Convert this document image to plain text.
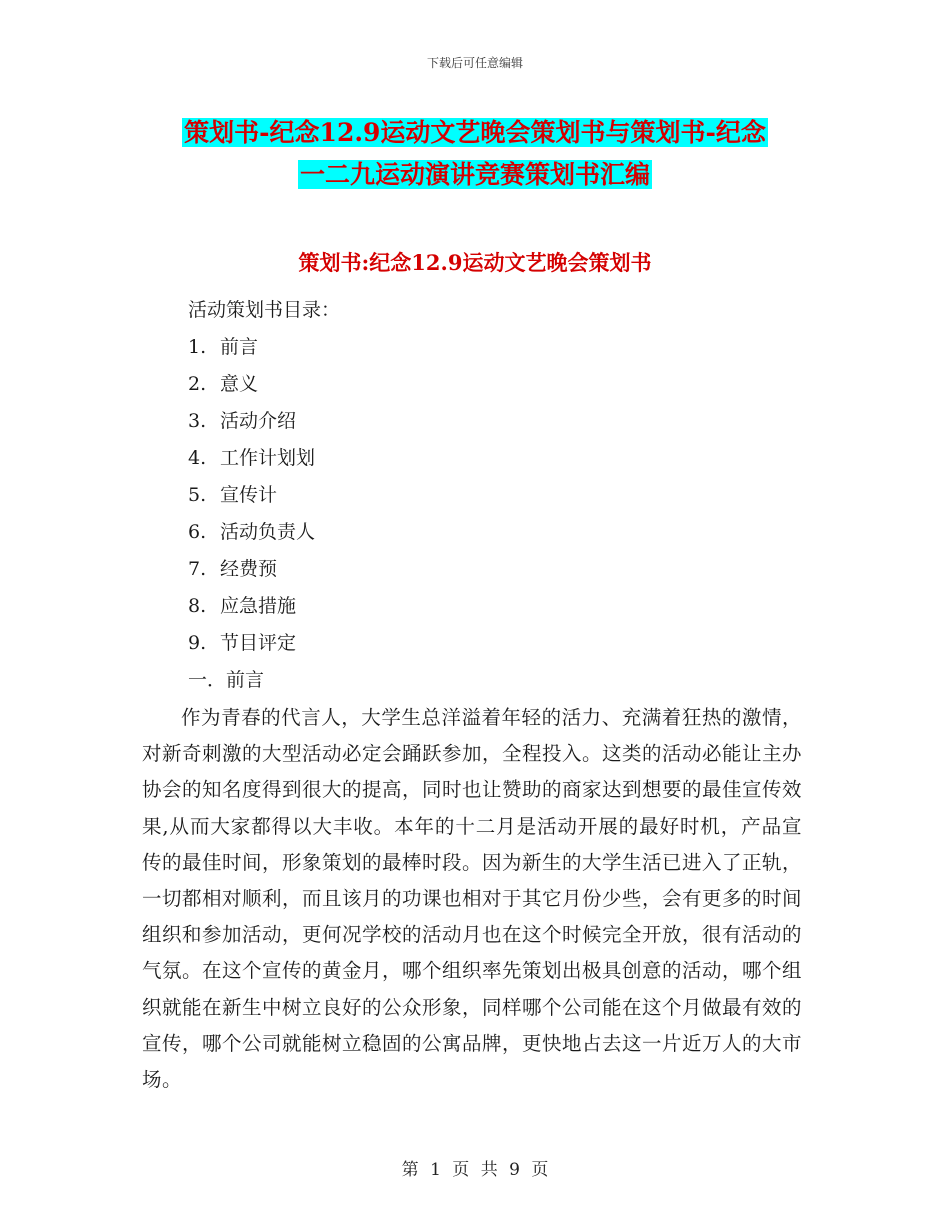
下载后可任意编辑
策划书-纪念12.9运动文艺晚会策划书与策划书-纪念
一二九运动演讲竞赛策划书汇编
策划书:纪念12.9运动文艺晚会策划书
活动策划书目录：
1. 前言
2. 意义
3. 活动介绍
4. 工作计划划
5. 宣传计
6. 活动负责人
7. 经费预
8. 应急措施
9. 节目评定
一．前言
作为青春的代言人，大学生总洋溢着年轻的活力、充满着狂热的激情，对新奇刺激的大型活动必定会踊跃参加，全程投入。这类的活动必能让主办协会的知名度得到很大的提高，同时也让赞助的商家达到想要的最佳宣传效果,从而大家都得以大丰收。本年的十二月是活动开展的最好时机，产品宣传的最佳时间，形象策划的最棒时段。因为新生的大学生活已进入了正轨，一切都相对顺利，而且该月的功课也相对于其它月份少些，会有更多的时间组织和参加活动，更何况学校的活动月也在这个时候完全开放，很有活动的气氛。在这个宣传的黄金月，哪个组织率先策划出极具创意的活动，哪个组织就能在新生中树立良好的公众形象，同样哪个公司能在这个月做最有效的宣传，哪个公司就能树立稳固的公寓品牌，更快地占去这一片近万人的大市场。
第 1 页 共 9 页
